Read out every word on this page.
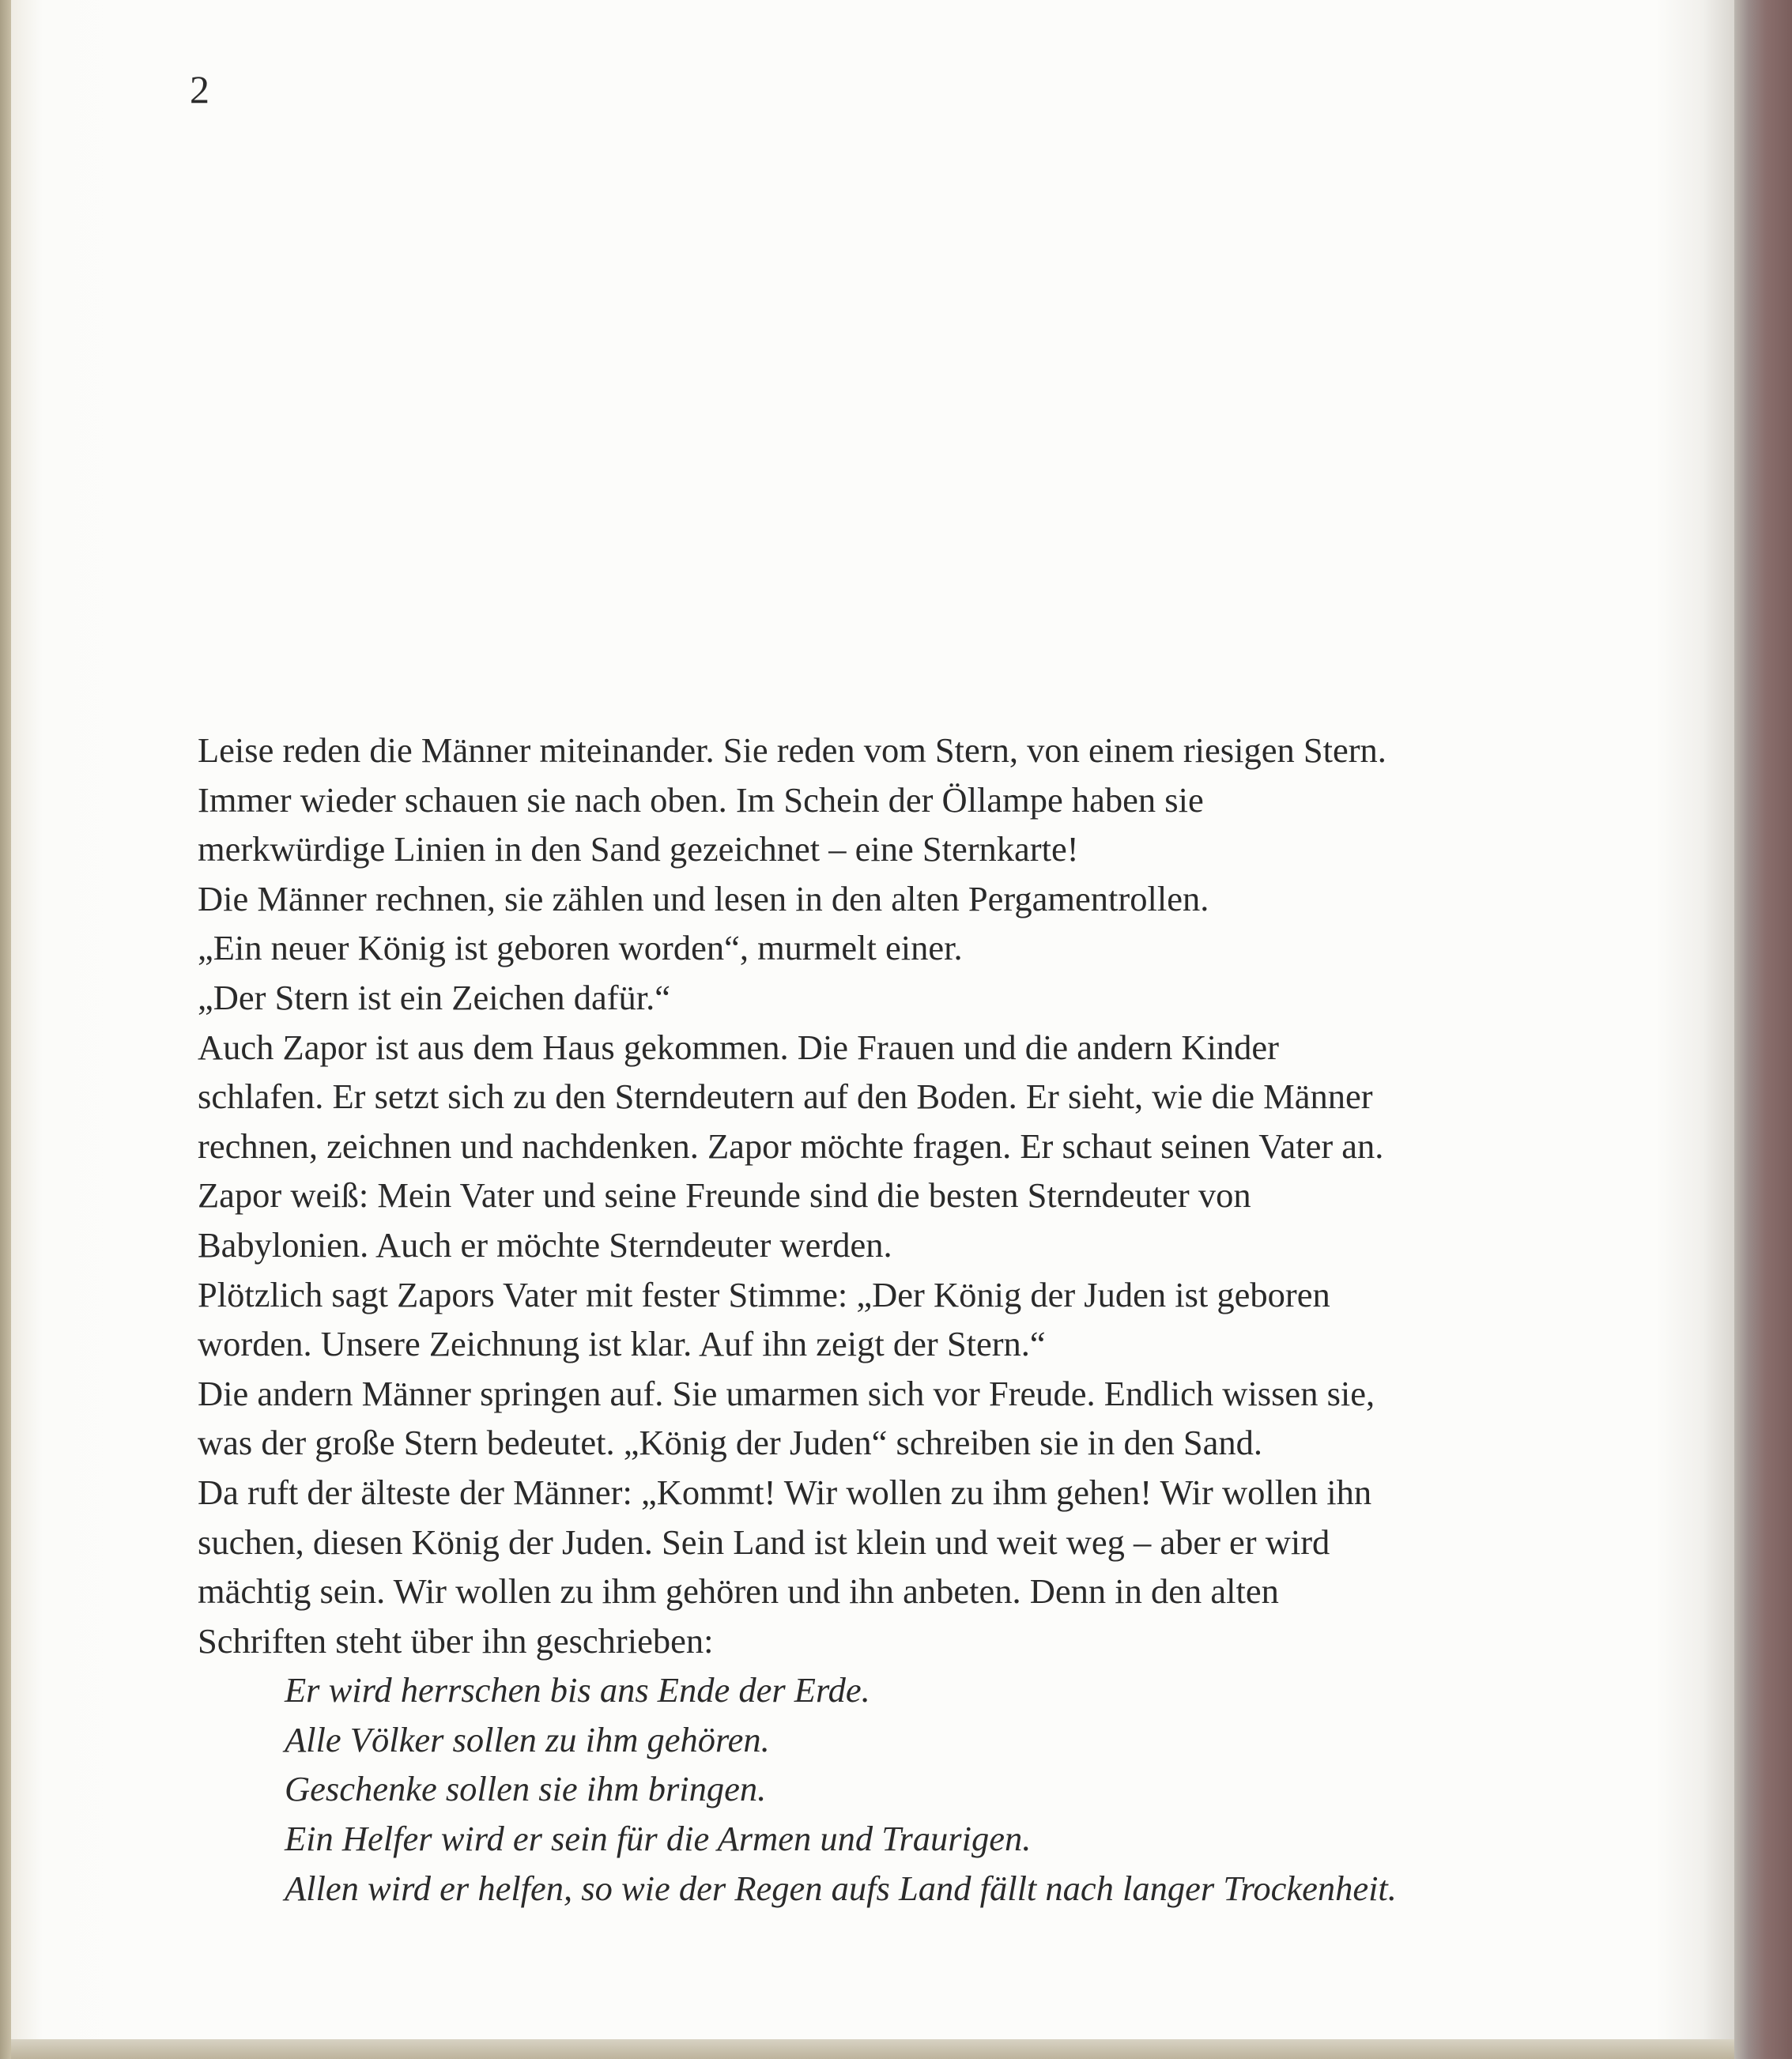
2

Leise reden die Männer miteinander. Sie reden vom Stern, von einem riesigen Stern.

Immer wieder schauen sie nach oben. Im Schein der Öllampe haben sie

merkwürdige Linien in den Sand gezeichnet – eine Sternkarte!

Die Männer rechnen, sie zählen und lesen in den alten Pergamentrollen.

„Ein neuer König ist geboren worden“, murmelt einer.

„Der Stern ist ein Zeichen dafür.“

Auch Zapor ist aus dem Haus gekommen. Die Frauen und die andern Kinder

schlafen. Er setzt sich zu den Sterndeutern auf den Boden. Er sieht, wie die Männer

rechnen, zeichnen und nachdenken. Zapor möchte fragen. Er schaut seinen Vater an.

Zapor weiß: Mein Vater und seine Freunde sind die besten Sterndeuter von

Babylonien. Auch er möchte Sterndeuter werden.

Plötzlich sagt Zapors Vater mit fester Stimme: „Der König der Juden ist geboren

worden. Unsere Zeichnung ist klar. Auf ihn zeigt der Stern.“

Die andern Männer springen auf. Sie umarmen sich vor Freude. Endlich wissen sie,

was der große Stern bedeutet. „König der Juden“ schreiben sie in den Sand.

Da ruft der älteste der Männer: „Kommt! Wir wollen zu ihm gehen! Wir wollen ihn

suchen, diesen König der Juden. Sein Land ist klein und weit weg – aber er wird

mächtig sein. Wir wollen zu ihm gehören und ihn anbeten. Denn in den alten

Schriften steht über ihn geschrieben:

Er wird herrschen bis ans Ende der Erde.

Alle Völker sollen zu ihm gehören.

Geschenke sollen sie ihm bringen.

Ein Helfer wird er sein für die Armen und Traurigen.

Allen wird er helfen, so wie der Regen aufs Land fällt nach langer Trockenheit.
